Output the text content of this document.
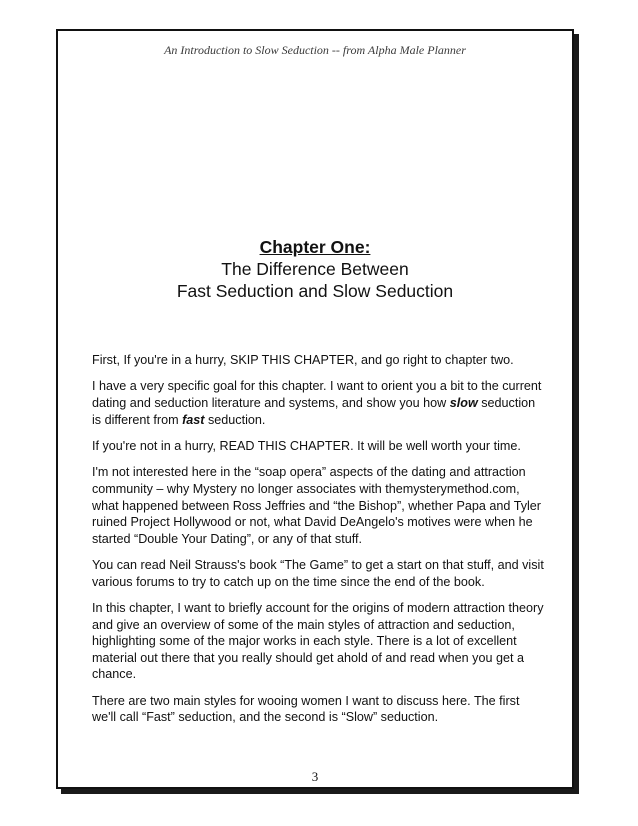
An Introduction to Slow Seduction -- from Alpha Male Planner
Chapter One:
The Difference Between
Fast Seduction and Slow Seduction

First, If you're in a hurry, SKIP THIS CHAPTER, and go right to chapter two.

I have a very specific goal for this chapter. I want to orient you a bit to the current dating and seduction literature and systems, and show you how slow seduction is different from fast seduction.

If you're not in a hurry, READ THIS CHAPTER. It will be well worth your time.

I'm not interested here in the “soap opera” aspects of the dating and attraction community – why Mystery no longer associates with themysterymethod.com, what happened between Ross Jeffries and “the Bishop”, whether Papa and Tyler ruined Project Hollywood or not, what David DeAngelo's motives were when he started “Double Your Dating”, or any of that stuff.

You can read Neil Strauss's book “The Game” to get a start on that stuff, and visit various forums to try to catch up on the time since the end of the book.

In this chapter, I want to briefly account for the origins of modern attraction theory and give an overview of some of the main styles of attraction and seduction, highlighting some of the major works in each style. There is a lot of excellent material out there that you really should get ahold of and read when you get a chance.

There are two main styles for wooing women I want to discuss here. The first we'll call “Fast” seduction, and the second is “Slow” seduction.

3
